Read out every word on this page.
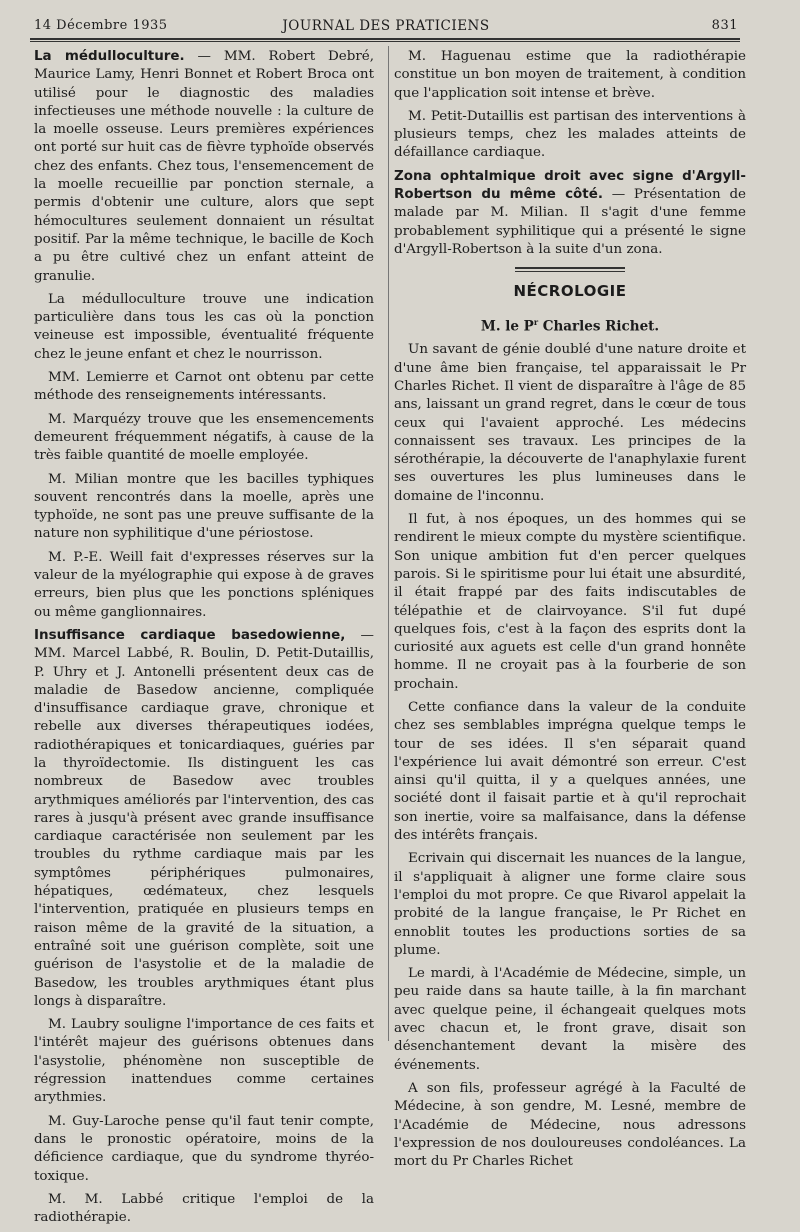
14 Décembre 1935	JOURNAL DES PRATICIENS	831

La médulloculture. — MM. Robert Debré, Maurice Lamy, Henri Bonnet et Robert Broca ont utilisé pour le diagnostic des maladies infectieuses une méthode nouvelle : la culture de la moelle osseuse. Leurs premières expériences ont porté sur huit cas de fièvre typhoïde observés chez des enfants. Chez tous, l'ensemencement de la moelle recueillie par ponction sternale, a permis d'obtenir une culture, alors que sept hémocultures seulement donnaient un résultat positif. Par la même technique, le bacille de Koch a pu être cultivé chez un enfant atteint de granulie.

La médulloculture trouve une indication particulière dans tous les cas où la ponction veineuse est impossible, éventualité fréquente chez le jeune enfant et chez le nourrisson.

MM. Lemierre et Carnot ont obtenu par cette méthode des renseignements intéressants.

M. Marquézy trouve que les ensemencements demeurent fréquemment négatifs, à cause de la très faible quantité de moelle employée.

M. Milian montre que les bacilles typhiques souvent rencontrés dans la moelle, après une typhoïde, ne sont pas une preuve suffisante de la nature non syphilitique d'une périostose.

M. P.-E. Weill fait d'expresses réserves sur la valeur de la myélographie qui expose à de graves erreurs, bien plus que les ponctions spléniques ou même ganglionnaires.

Insuffisance cardiaque basedowienne, — MM. Marcel Labbé, R. Boulin, D. Petit-Dutaillis, P. Uhry et J. Antonelli présentent deux cas de maladie de Basedow ancienne, compliquée d'insuffisance cardiaque grave, chronique et rebelle aux diverses thérapeutiques iodées, radiothérapiques et tonicardiaques, guéries par la thyroïdectomie. Ils distinguent les cas nombreux de Basedow avec troubles arythmiques améliorés par l'intervention, des cas rares à jusqu'à présent avec grande insuffisance cardiaque caractérisée non seulement par les troubles du rythme cardiaque mais par les symptômes périphériques pulmonaires, hépatiques, œdémateux, chez lesquels l'intervention, pratiquée en plusieurs temps en raison même de la gravité de la situation, a entraîné soit une guérison complète, soit une guérison de l'asystolie et de la maladie de Basedow, les troubles arythmiques étant plus longs à disparaître.

M. Laubry souligne l'importance de ces faits et l'intérêt majeur des guérisons obtenues dans l'asystolie, phénomène non susceptible de régression inattendues comme certaines arythmies.

M. Guy-Laroche pense qu'il faut tenir compte, dans le pronostic opératoire, moins de la déficience cardiaque, que du syndrome thyréo-toxique.

M. M. Labbé critique l'emploi de la radiothérapie.

M. Haguenau estime que la radiothérapie constitue un bon moyen de traitement, à condition que l'application soit intense et brève.

M. Petit-Dutaillis est partisan des interventions à plusieurs temps, chez les malades atteints de défaillance cardiaque.

Zona ophtalmique droit avec signe d'Argyll-Robertson du même côté. — Présentation de malade par M. Milian. Il s'agit d'une femme probablement syphilitique qui a présenté le signe d'Argyll-Robertson à la suite d'un zona.

NÉCROLOGIE
M. le $P^r$ Charles Richet.

Un savant de génie doublé d'une nature droite et d'une âme bien française, tel apparaissait le Pr Charles Richet. Il vient de disparaître à l'âge de 85 ans, laissant un grand regret, dans le cœur de tous ceux qui l'avaient approché. Les médecins connaissent ses travaux. Les principes de la sérothérapie, la découverte de l'anaphylaxie furent ses ouvertures les plus lumineuses dans le domaine de l'inconnu.

Il fut, à nos époques, un des hommes qui se rendirent le mieux compte du mystère scientifique. Son unique ambition fut d'en percer quelques parois. Si le spiritisme pour lui était une absurdité, il était frappé par des faits indiscutables de télépathie et de clairvoyance. S'il fut dupé quelques fois, c'est à la façon des esprits dont la curiosité aux aguets est celle d'un grand honnête homme. Il ne croyait pas à la fourberie de son prochain.

Cette confiance dans la valeur de la conduite chez ses semblables imprégna quelque temps le tour de ses idées. Il s'en séparait quand l'expérience lui avait démontré son erreur. C'est ainsi qu'il quitta, il y a quelques années, une société dont il faisait partie et à qu'il reprochait son inertie, voire sa malfaisance, dans la défense des intérêts français.

Ecrivain qui discernait les nuances de la langue, il s'appliquait à aligner une forme claire sous l'emploi du mot propre. Ce que Rivarol appelait la probité de la langue française, le Pr Richet en ennoblit toutes les productions sorties de sa plume.

Le mardi, à l'Académie de Médecine, simple, un peu raide dans sa haute taille, à la fin marchant avec quelque peine, il échangeait quelques mots avec chacun et, le front grave, disait son désenchantement devant la misère des événements.

A son fils, professeur agrégé à la Faculté de Médecine, à son gendre, M. Lesné, membre de l'Académie de Médecine, nous adressons l'expression de nos douloureuses condoléances. La mort du Pr Charles Richet
